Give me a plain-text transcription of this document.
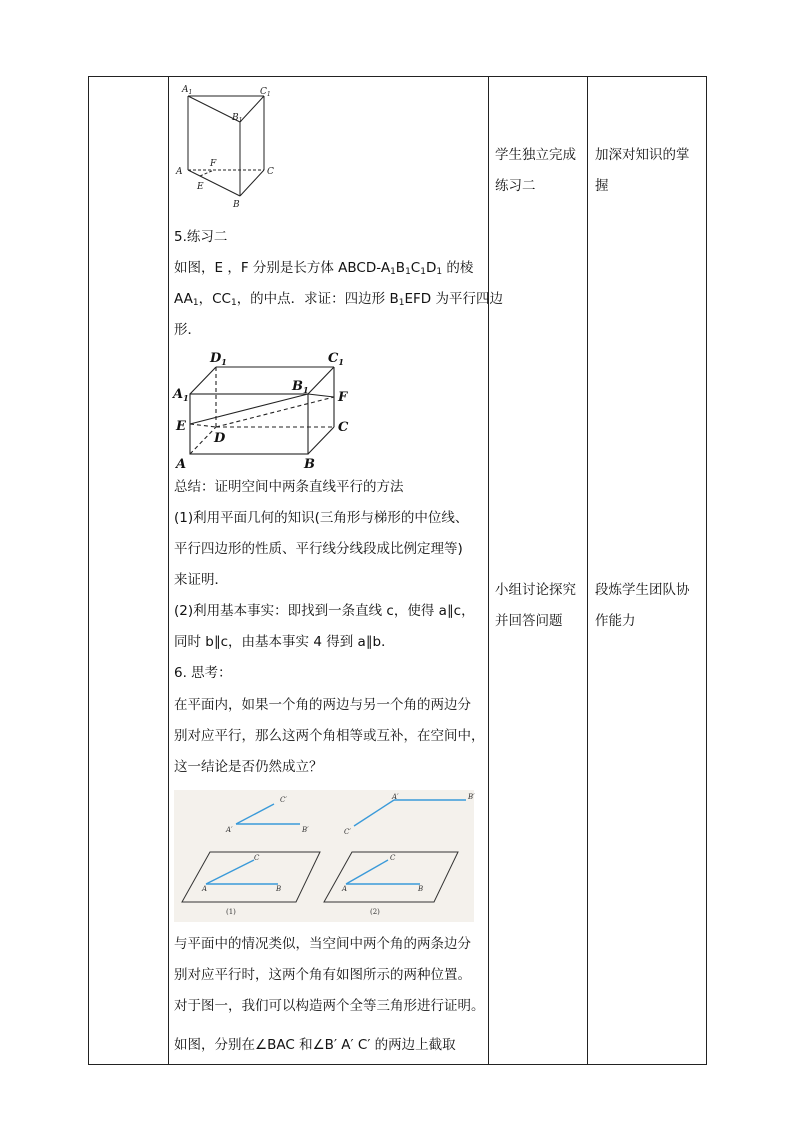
学生独立完成
练习二
加深对知识的掌
握
小组讨论探究
并回答问题
段炼学生团队协
作能力
$A_1$	$C_1$
$B_1$
F
A	C
E
B
5.练习二
如图，E ，F 分别是长方体 ABCD-$A_1B_1C_1D_1$ 的棱
$AA_1$，$CC_1$，的中点．求证：四边形 $B_1EFD$ 为平行四边
形．
$D_1$	$C_1$
$A_1$
$B_1$ F
E
D
C
A	B
总结：证明空间中两条直线平行的方法
(1)利用平面几何的知识(三角形与梯形的中位线、
平行四边形的性质、平行线分线段成比例定理等)
来证明．
(2)利用基本事实：即找到一条直线 c，使得 a∥c，
同时 b∥c，由基本事实 4 得到 a∥b．
6. 思考：
在平面内，如果一个角的两边与另一个角的两边分
别对应平行，那么这两个角相等或互补，在空间中，
这一结论是否仍然成立？
C′
A′	B′
A′	B′
C′
C
A	B
C
A	B
(1)	(2)
与平面中的情况类似，当空间中两个角的两条边分
别对应平行时，这两个角有如图所示的两种位置。
对于图一，我们可以构造两个全等三角形进行证明。
如图，分别在∠BAC 和∠B′ A′ C′ 的两边上截取
